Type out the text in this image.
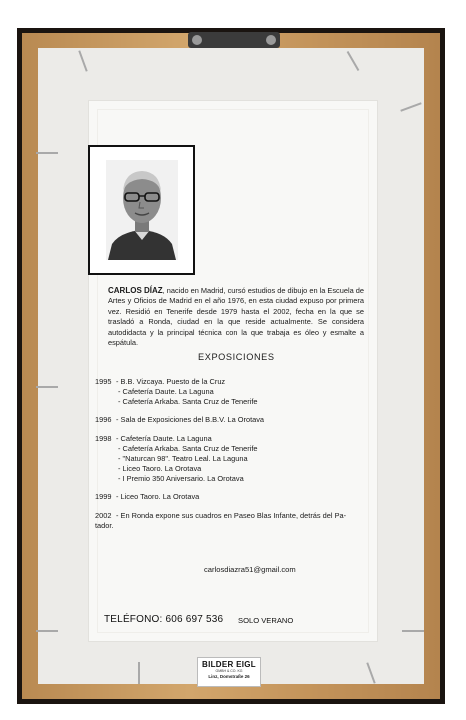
CARLOS DÍAZ, nacido en Madrid, cursó estudios de dibujo en la Escuela de Artes y Oficios de Madrid en el año 1976, en esta ciudad expuso por primera vez. Residió en Tenerife desde 1979 hasta el 2002, fecha en la que se trasladó a Ronda, ciudad en la que reside actualmente. Se considera autodidacta y la principal técnica con la que trabaja es óleo y esmalte a espátula.
EXPOSICIONES
1995 - B.B. Vizcaya. Puesto de la Cruz
- Cafetería Daute. La Laguna
- Cafetería Arkaba. Santa Cruz de Tenerife
1996 - Sala de Exposiciones del B.B.V. La Orotava
1998 - Cafetería Daute. La Laguna
- Cafetería Arkaba. Santa Cruz de Tenerife
- "Naturcan 98". Teatro Leal. La Laguna
- Liceo Taoro. La Orotava
- I Premio 350 Aniversario. La Orotava
1999 - Liceo Taoro. La Orotava
2002 - En Ronda expone sus cuadros en Paseo Blas Infante, detrás del Pa-
tador.
carlosdiazra51@gmail.com
TELÉFONO: 606 697 536 SOLO VERANO
BILDER EIGL
GMBH & CO. KG
Linz, Domstraße 26
